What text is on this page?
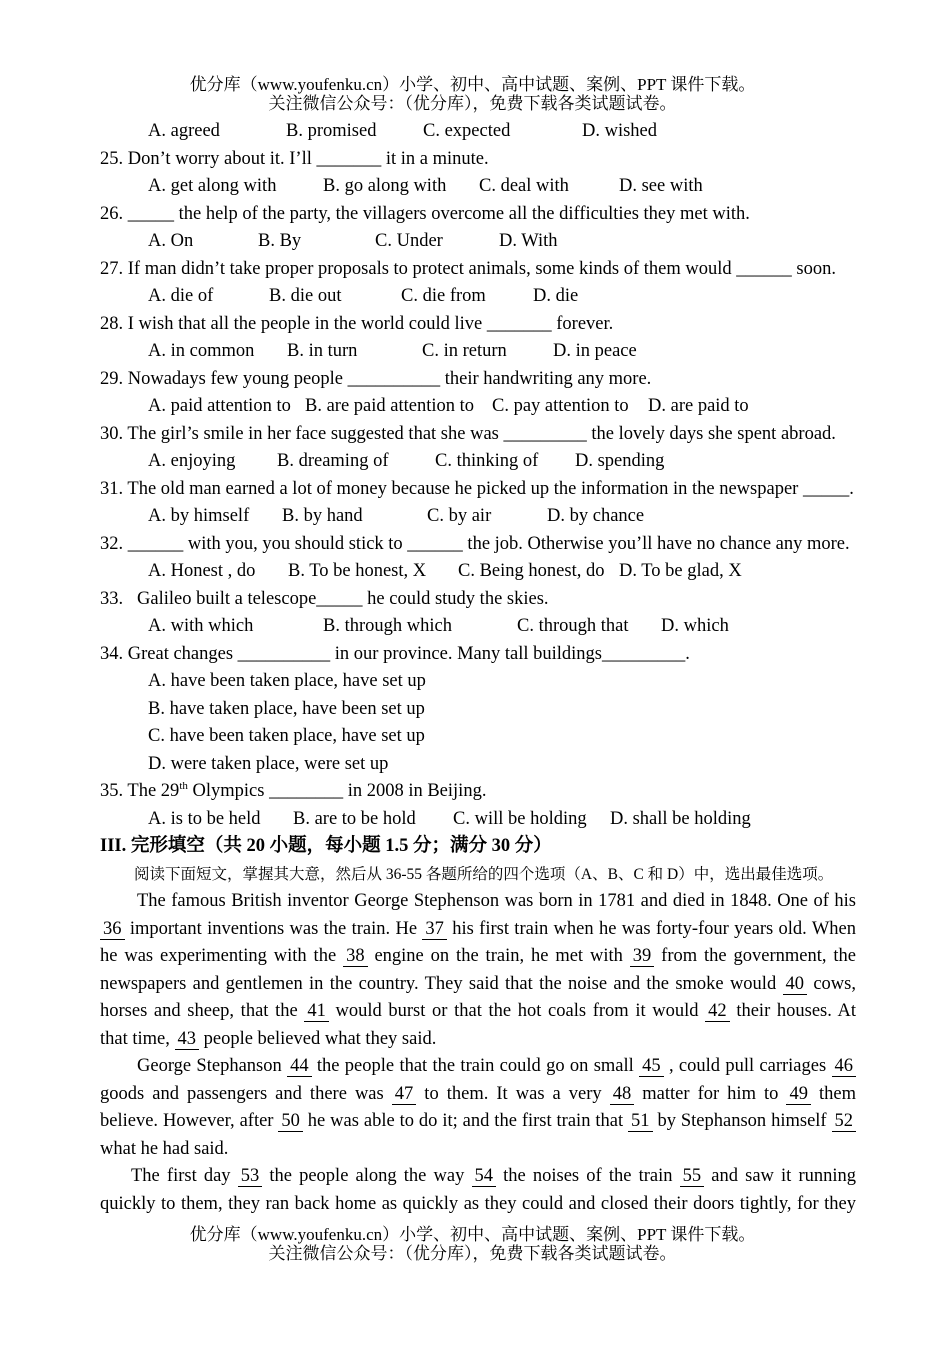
优分库（www.youfenku.cn）小学、初中、高中试题、案例、PPT 课件下载。
关注微信公众号：（优分库），免费下载各类试题试卷。
A. agreed	B. promised	C. expected	D. wished
25. Don’t worry about it. I’ll _______ it in a minute.
A. get along with	B. go along with C. deal with	D. see with
26. _____ the help of the party, the villagers overcome all the difficulties they met with.
A. On	B. By	C. Under	D. With
27. If man didn’t take proper proposals to protect animals, some kinds of them would ______ soon.
A. die of	B. die out	C. die from	D. die
28. I wish that all the people in the world could live _______ forever.
A. in common B. in turn	C. in return D. in peace
29. Nowadays few young people __________ their handwriting any more.
A. paid attention to B. are paid attention to C. pay attention to D. are paid to
30. The girl’s smile in her face suggested that she was _________ the lovely days she spent abroad.
A. enjoying B. dreaming of	C. thinking of D. spending
31. The old man earned a lot of money because he picked up the information in the newspaper _____.
A. by himself B. by hand	C. by air	D. by chance
32. ______ with you, you should stick to ______ the job. Otherwise you’ll have no chance any more.
A. Honest , do B. To be honest, X C. Being honest, do D. To be glad, X
33.   Galileo built a telescope_____ he could study the skies.
A. with which	B. through which	C. through that D. which
34. Great changes __________ in our province. Many tall buildings_________.
A. have been taken place, have set up
B. have taken place, have been set up
C. have been taken place, have set up
D. were taken place, were set up
35. The 29th Olympics ________ in 2008 in Beijing.
A. is to be held B. are to be hold C. will be holding D. shall be holding
III. 完形填空（共 20 小题，每小题 1.5 分；满分 30 分）
阅读下面短文，掌握其大意，然后从 36-55 各题所给的四个选项（A、B、C 和 D）中，选出最佳选项。
The famous British inventor George Stephenson was born in 1781 and died in 1848. One of his
36 important inventions was the train. He 37 his first train when he was forty-four years old. When
he was experimenting with the 38 engine on the train, he met with 39 from the government, the
newspapers and gentlemen in the country. They said that the noise and the smoke would 40 cows,
horses and sheep, that the 41 would burst or that the hot coals from it would 42 their houses. At
that time, 43 people believed what they said.
George Stephanson 44 the people that the train could go on small 45 , could pull carriages 46
goods and passengers and there was 47 to them. It was a very 48 matter for him to 49 them
believe. However, after 50 he was able to do it; and the first train that 51 by Stephanson himself 52
what he had said.
The first day 53 the people along the way 54 the noises of the train 55 and saw it running
quickly to them, they ran back home as quickly as they could and closed their doors tightly, for they
优分库（www.youfenku.cn）小学、初中、高中试题、案例、PPT 课件下载。
关注微信公众号：（优分库），免费下载各类试题试卷。
